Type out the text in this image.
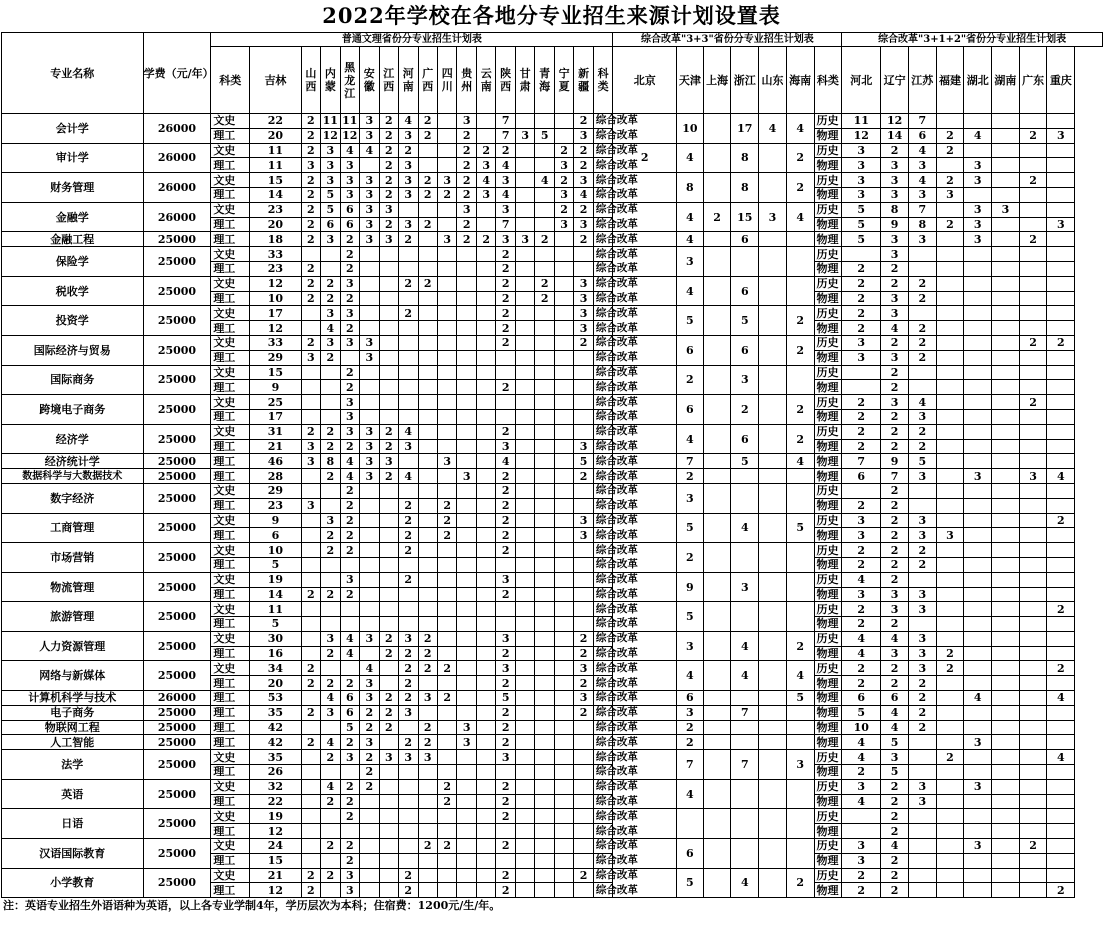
2022年学校在各地分专业招生来源计划设置表
专业名称	学费（元/年）	普通文理省份分专业招生计划表																		综合改革"3+3"省份分专业招生计划表							综合改革"3+1+2"省份分专业招生计划表							
		科类	吉林	山西	内蒙	黑龙江	安徽	江西	河南	广西	四川	贵州	云南	陕西	甘肃	青海	宁夏	新疆	科类	北京	天津	上海	浙江	山东	海南	科类	河北	辽宁	江苏	福建	湖北	湖南	广东	重庆
会计学	26000	文史	22	2	11	11	3	2	4	2		3		7				2	综合改革		10		17	4	4	历史	11	12	7					
		理工	20	2	12	12	3	2	3	2		2		7	3	5		3	综合改革							物理	12	14	6	2	4		2	3
审计学	26000	文史	11	2	3	4	4	2	2			2	2	2			2	2	综合改革	2	4		8		2	历史	3	2	4	2				
		理工	11	3	3	3		2	3			2	3	4			3	2	综合改革							物理	3	3	3		3			
财务管理	26000	文史	15	2	3	3	3	2	3	2	3	2	4	3		4	2	3	综合改革		8		8		2	历史	3	3	4	2	3		2	
		理工	14	2	5	3	3	2	3	2	2	2	3	4			3	4	综合改革							物理	3	3	3	3				
金融学	26000	文史	23	2	5	6	3	3				3		3			2	2	综合改革		4	2	15	3	4	历史	5	8	7		3	3		
		理工	20	2	6	6	3	2	3	2		2		7			3	3	综合改革							物理	5	9	8	2	3			3
金融工程	25000	理工	18	2	3	2	3	3	2		3	2	2	3	3	2		2	综合改革		4		6			物理	5	3	3		3		2	
保险学	25000	文史	33			2								2					综合改革		3					历史		3						
		理工	23	2		2								2					综合改革							物理	2	2						
税收学	25000	文史	12	2	2	3			2	2				2		2		3	综合改革		4		6			历史	2	2	2					
		理工	10	2	2	2								2		2		3	综合改革							物理	2	3	2					
投资学	25000	文史	17		3	3			2					2				3	综合改革		5		5		2	历史	2	3						
		理工	12		4	2								2				3	综合改革							物理	2	4	2					
国际经济与贸易	25000	文史	33	2	3	3	3							2				2	综合改革		6		6		2	历史	3	2	2				2	2
		理工	29	3	2		3												综合改革							物理	3	3	2					
国际商务	25000	文史	15			2													综合改革		2		3			历史		2						
		理工	9			2								2					综合改革							物理		2						
跨境电子商务	25000	文史	25			3													综合改革		6		2		2	历史	2	3	4				2	
		理工	17			3													综合改革							物理	2	2	3					
经济学	25000	文史	31	2	2	3	3	2	4					2					综合改革		4		6		2	历史	2	2	2					
		理工	21	3	2	2	3	2	3					3				3	综合改革							物理	2	2	2					
经济统计学	25000	理工	46	3	8	4	3	3			3			4				5	综合改革		7		5		4	物理	7	9	5					
数据科学与大数据技术	25000	理工	28		2	4	3	2	4			3		2				2	综合改革		2					物理	6	7	3		3		3	4
数字经济	25000	文史	29			2								2					综合改革		3					历史		2						
		理工	23	3		2			2		2			2					综合改革							物理	2	2						
工商管理	25000	文史	9		3	2			2		2			2				3	综合改革		5		4		5	历史	3	2	3					2
		理工	6		2	2			2		2			2				3	综合改革							物理	3	2	3	3				
市场营销	25000	文史	10		2	2			2					2					综合改革		2					历史	2	2	2					
		理工	5																综合改革							物理	2	2	2					
物流管理	25000	文史	19			3			2					3					综合改革		9		3			历史	4	2						
		理工	14	2	2	2								2					综合改革							物理	3	3	3					
旅游管理	25000	文史	11																综合改革		5					历史	2	3	3					2
		理工	5																综合改革							物理	2	2						
人力资源管理	25000	文史	30		3	4	3	2	3	2				3				2	综合改革		3		4		2	历史	4	4	3					
		理工	16		2	4		2	2	2				2				2	综合改革							物理	4	3	3	2				
网络与新媒体	25000	文史	34	2			4		2	2	2			3				3	综合改革		4		4		4	历史	2	2	3	2				2
		理工	20	2	2	2	3		2					2				2	综合改革							物理	2	2	2					
计算机科学与技术	26000	理工	53		4	6	3	2	2	3	2			5				3	综合改革		6				5	物理	6	6	2		4			4
电子商务	25000	理工	35	2	3	6	2	2	3					2				2	综合改革		3		7			物理	5	4	2					
物联网工程	25000	理工	42			5	2	2		2		3		2					综合改革		2					物理	10	4	2					
人工智能	25000	理工	42	2	4	2	3		2	2		3		2					综合改革		2					物理	4	5			3			
法学	25000	文史	35		2	3	2	3	3	3				3					综合改革		7		7		3	历史	4	3		2				4
		理工	26				2												综合改革							物理	2	5						
英语	25000	文史	32		4	2	2				2			2					综合改革		4					历史	3	2	3		3			
		理工	22		2	2					2			2					综合改革							物理	4	2	3					
日语	25000	文史	19			2								2					综合改革							历史		2						
		理工	12																综合改革							物理		2						
汉语国际教育	25000	文史	24		2	2				2	2			2					综合改革		6					历史	3	4			3		2	
		理工	15			2													综合改革							物理	3	2						
小学教育	25000	文史	21	2	2	3			2					2				2	综合改革		5		4		2	历史	2	2						
		理工	12	2		3			2					2					综合改革							物理	2	2						2
注：英语专业招生外语语种为英语，以上各专业学制4年，学历层次为本科；住宿费：1200元/生/年。
